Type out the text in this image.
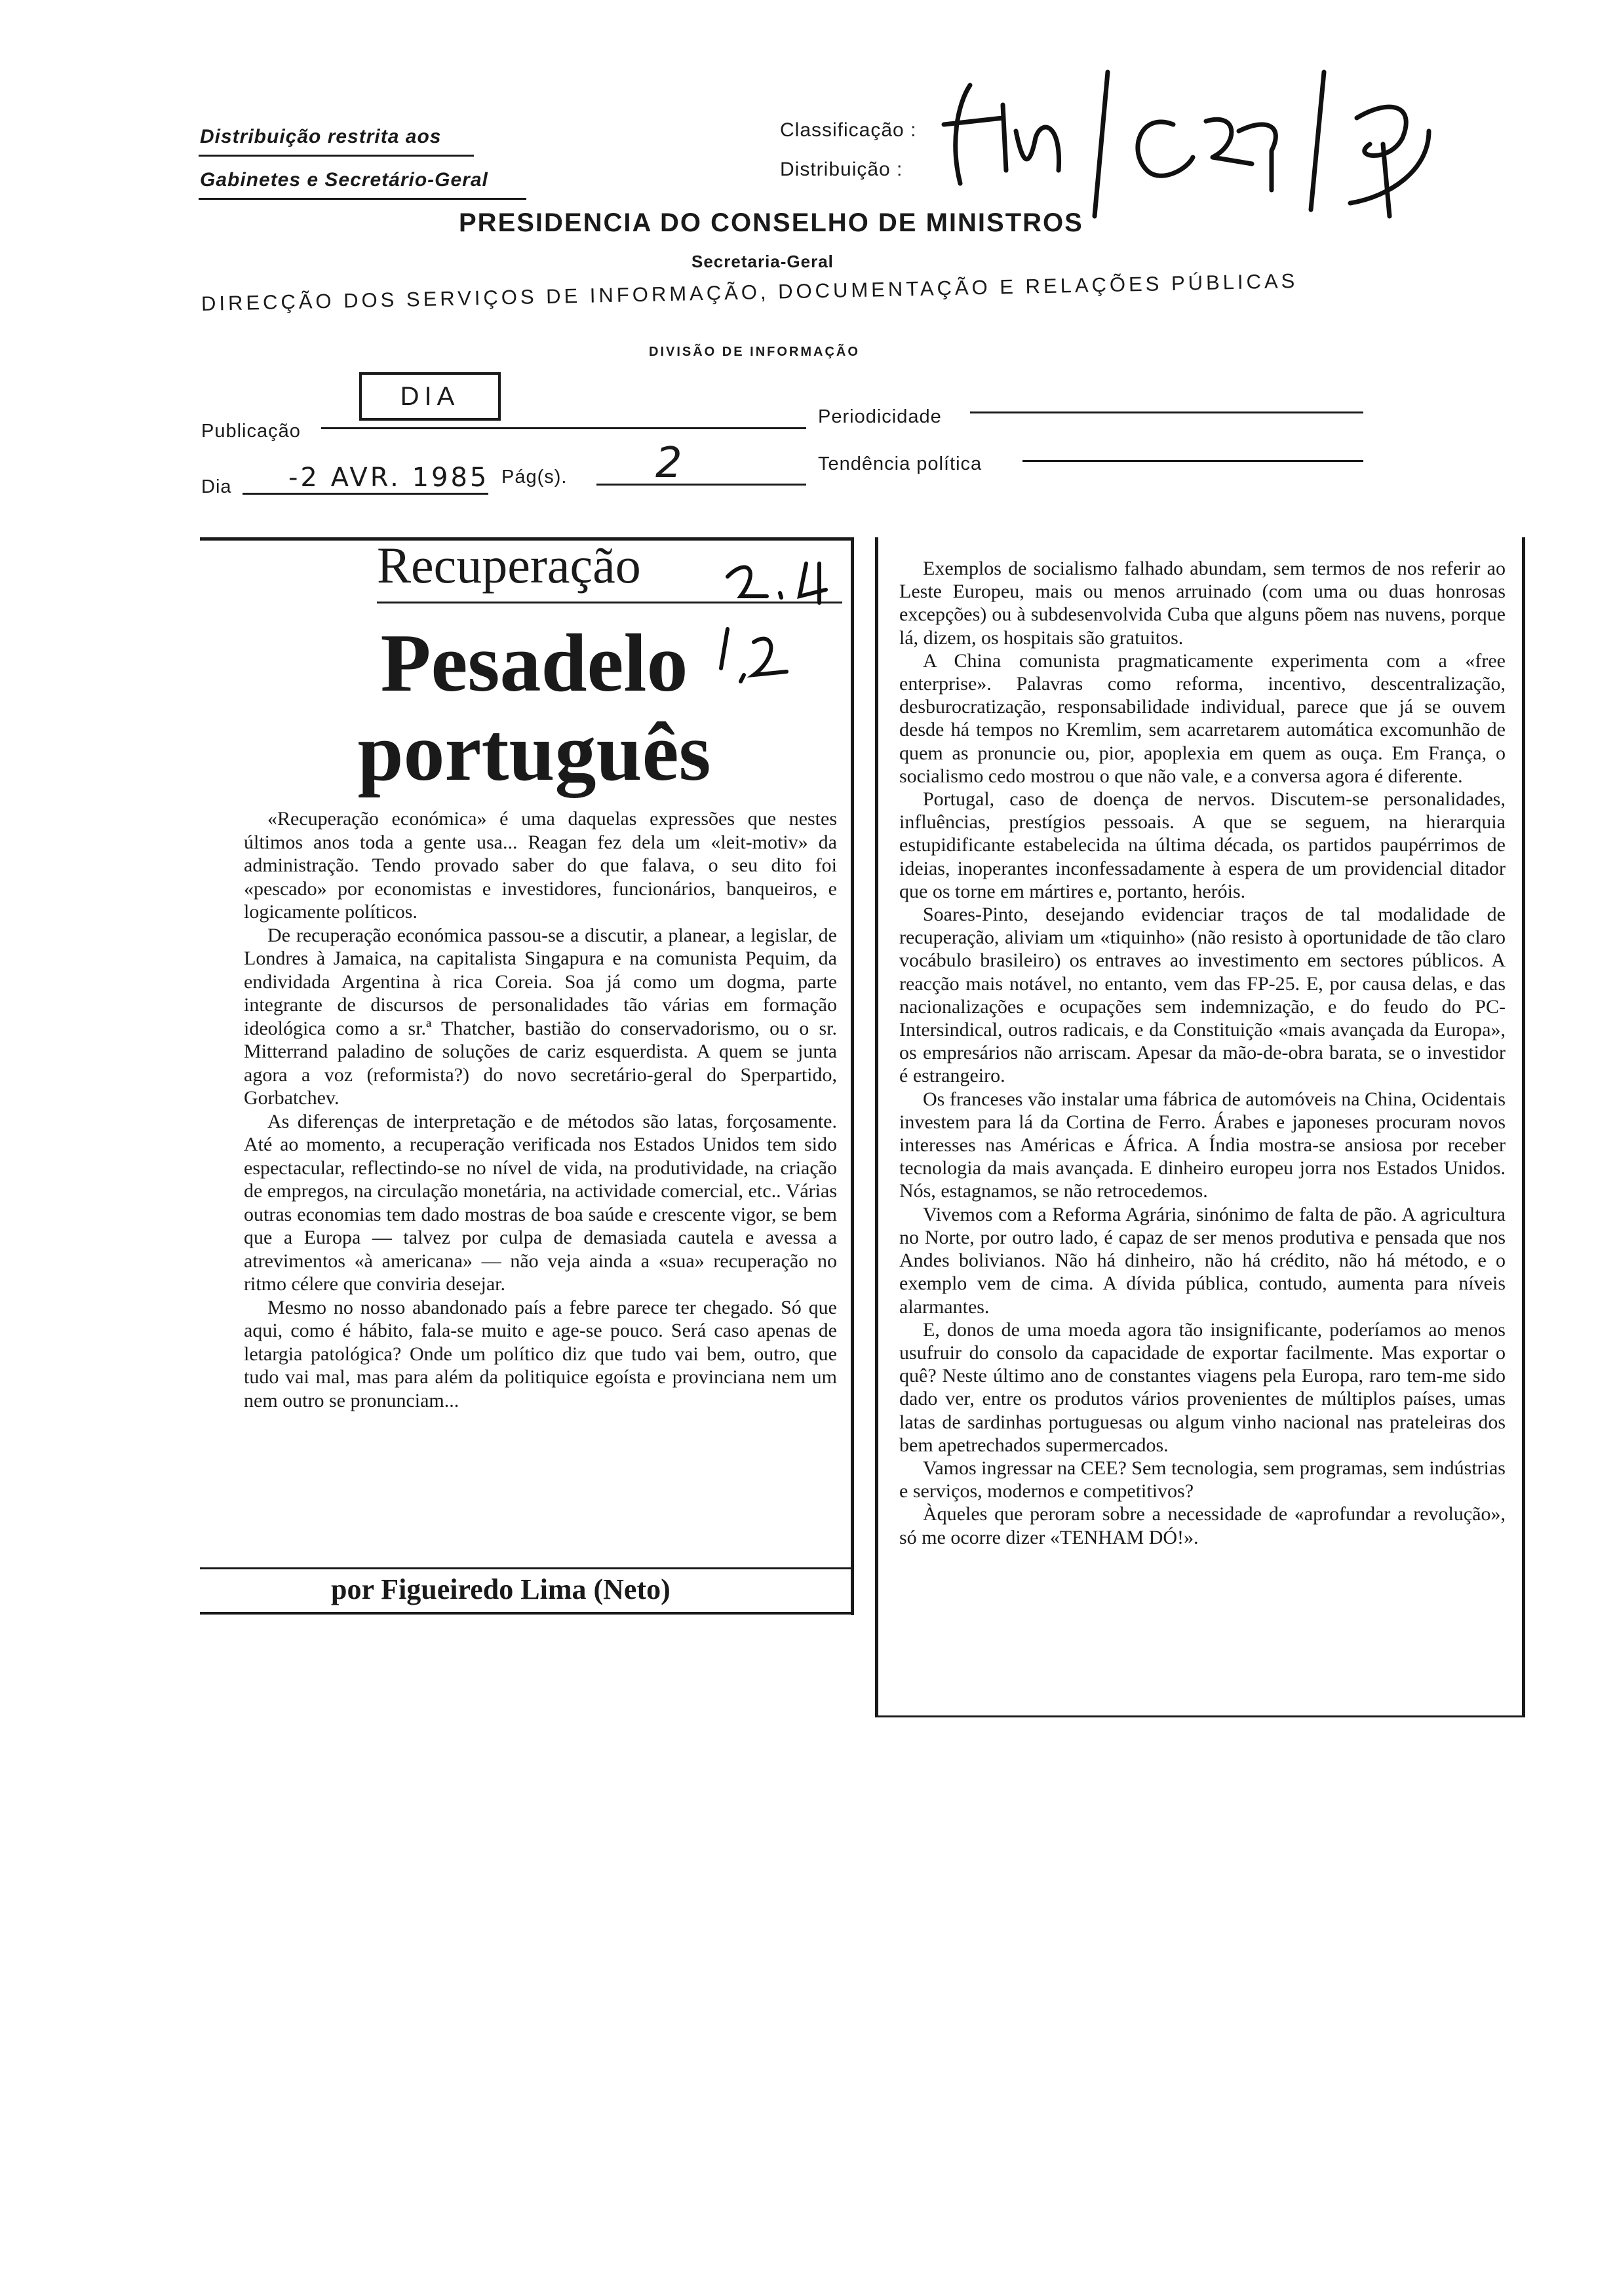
Distribuição restrita aos
Gabinetes e Secretário-Geral
Classificação :
Distribuição :
PRESIDENCIA DO CONSELHO DE MINISTROS
Secretaria-Geral
DIRECÇÃO DOS SERVIÇOS DE INFORMAÇÃO, DOCUMENTAÇÃO E RELAÇÕES PÚBLICAS
DIVISÃO DE INFORMAÇÃO
DIA
Publicação
Periodicidade
Dia -2 AVR. 1985 Pág(s). 2	Tendência política
Recuperação
Pesadelo
português

«Recuperação económica» é uma daquelas expressões que nestes últimos anos toda a gente usa... Reagan fez dela um «leit-motiv» da administração. Tendo provado saber do que falava, o seu dito foi «pescado» por economistas e investidores, funcionários, banqueiros, e logicamente políticos.

De recuperação económica passou-se a discutir, a planear, a legislar, de Londres à Jamaica, na capitalista Singapura e na comunista Pequim, da endividada Argentina à rica Coreia. Soa já como um dogma, parte integrante de discursos de personalidades tão várias em formação ideológica como a sr.ª Thatcher, bastião do conservadorismo, ou o sr. Mitterrand paladino de soluções de cariz esquerdista. A quem se junta agora a voz (reformista?) do novo secretário-geral do Sperpartido, Gorbatchev.

As diferenças de interpretação e de métodos são latas, forçosamente. Até ao momento, a recuperação verificada nos Estados Unidos tem sido espectacular, reflectindo-se no nível de vida, na produtividade, na criação de empregos, na circulação monetária, na actividade comercial, etc.. Várias outras economias tem dado mostras de boa saúde e crescente vigor, se bem que a Europa — talvez por culpa de demasiada cautela e avessa a atrevimentos «à americana» — não veja ainda a «sua» recuperação no ritmo célere que conviria desejar.

Mesmo no nosso abandonado país a febre parece ter chegado. Só que aqui, como é hábito, fala-se muito e age-se pouco. Será caso apenas de letargia patológica? Onde um político diz que tudo vai bem, outro, que tudo vai mal, mas para além da politiquice egoísta e provinciana nem um nem outro se pronunciam...

por Figueiredo Lima (Neto)

Exemplos de socialismo falhado abundam, sem termos de nos referir ao Leste Europeu, mais ou menos arruinado (com uma ou duas honrosas excepções) ou à subdesenvolvida Cuba que alguns põem nas nuvens, porque lá, dizem, os hospitais são gratuitos.

A China comunista pragmaticamente experimenta com a «free enterprise». Palavras como reforma, incentivo, descentralização, desburocratização, responsabilidade individual, parece que já se ouvem desde há tempos no Kremlim, sem acarretarem automática excomunhão de quem as pronuncie ou, pior, apoplexia em quem as ouça. Em França, o socialismo cedo mostrou o que não vale, e a conversa agora é diferente.

Portugal, caso de doença de nervos. Discutem-se personalidades, influências, prestígios pessoais. A que se seguem, na hierarquia estupidificante estabelecida na última década, os partidos paupérrimos de ideias, inoperantes inconfessadamente à espera de um providencial ditador que os torne em mártires e, portanto, heróis.

Soares-Pinto, desejando evidenciar traços de tal modalidade de recuperação, aliviam um «tiquinho» (não resisto à oportunidade de tão claro vocábulo brasileiro) os entraves ao investimento em sectores públicos. A reacção mais notável, no entanto, vem das FP-25. E, por causa delas, e das nacionalizações e ocupações sem indemnização, e do feudo do PC-Intersindical, outros radicais, e da Constituição «mais avançada da Europa», os empresários não arriscam. Apesar da mão-de-obra barata, se o investidor é estrangeiro.

Os franceses vão instalar uma fábrica de automóveis na China, Ocidentais investem para lá da Cortina de Ferro. Árabes e japoneses procuram novos interesses nas Américas e África. A Índia mostra-se ansiosa por receber tecnologia da mais avançada. E dinheiro europeu jorra nos Estados Unidos. Nós, estagnamos, se não retrocedemos.

Vivemos com a Reforma Agrária, sinónimo de falta de pão. A agricultura no Norte, por outro lado, é capaz de ser menos produtiva e pensada que nos Andes bolivianos. Não há dinheiro, não há crédito, não há método, e o exemplo vem de cima. A dívida pública, contudo, aumenta para níveis alarmantes.

E, donos de uma moeda agora tão insignificante, poderíamos ao menos usufruir do consolo da capacidade de exportar facilmente. Mas exportar o quê? Neste último ano de constantes viagens pela Europa, raro tem-me sido dado ver, entre os produtos vários provenientes de múltiplos países, umas latas de sardinhas portuguesas ou algum vinho nacional nas prateleiras dos bem apetrechados supermercados.

Vamos ingressar na CEE? Sem tecnologia, sem programas, sem indústrias e serviços, modernos e competitivos?

Àqueles que peroram sobre a necessidade de «aprofundar a revolução», só me ocorre dizer «TENHAM DÓ!».
